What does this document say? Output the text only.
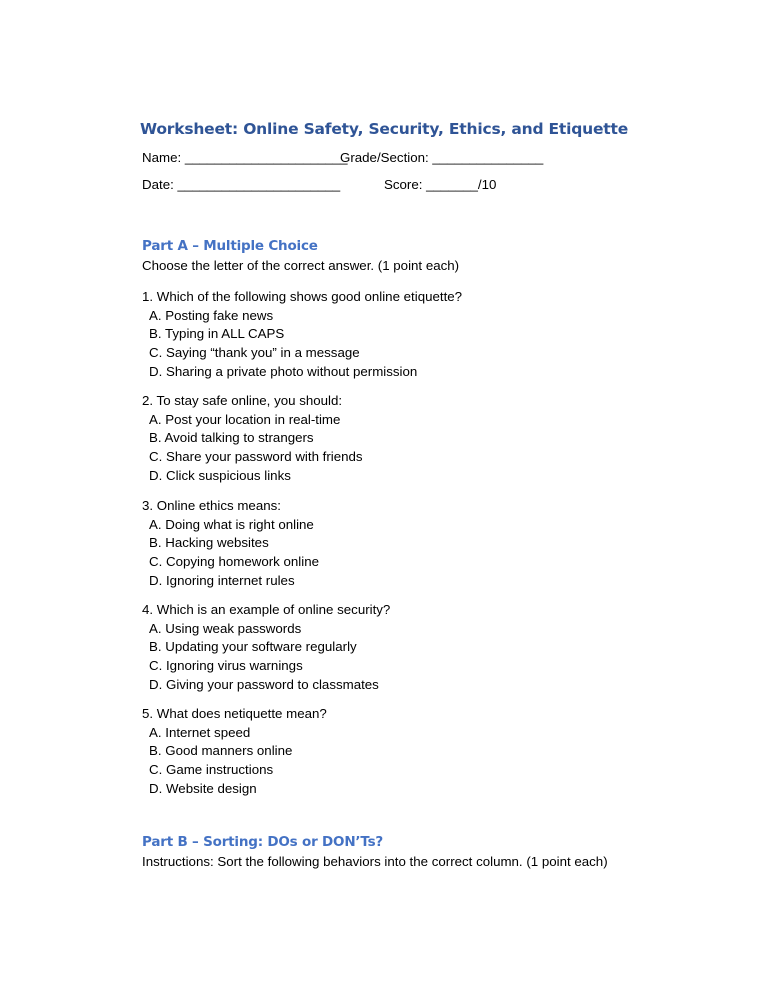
Worksheet: Online Safety, Security, Ethics, and Etiquette
Name: ______________________
Grade/Section: _______________
Date: ______________________	Score: _______/10
Part A – Multiple Choice
Choose the letter of the correct answer. (1 point each)
1. Which of the following shows good online etiquette?
A. Posting fake news
B. Typing in ALL CAPS
C. Saying “thank you” in a message
D. Sharing a private photo without permission
2. To stay safe online, you should:
A. Post your location in real-time
B. Avoid talking to strangers
C. Share your password with friends
D. Click suspicious links
3. Online ethics means:
A. Doing what is right online
B. Hacking websites
C. Copying homework online
D. Ignoring internet rules
4. Which is an example of online security?
A. Using weak passwords
B. Updating your software regularly
C. Ignoring virus warnings
D. Giving your password to classmates
5. What does netiquette mean?
A. Internet speed
B. Good manners online
C. Game instructions
D. Website design
Part B – Sorting: DOs or DON’Ts?
Instructions: Sort the following behaviors into the correct column. (1 point each)
